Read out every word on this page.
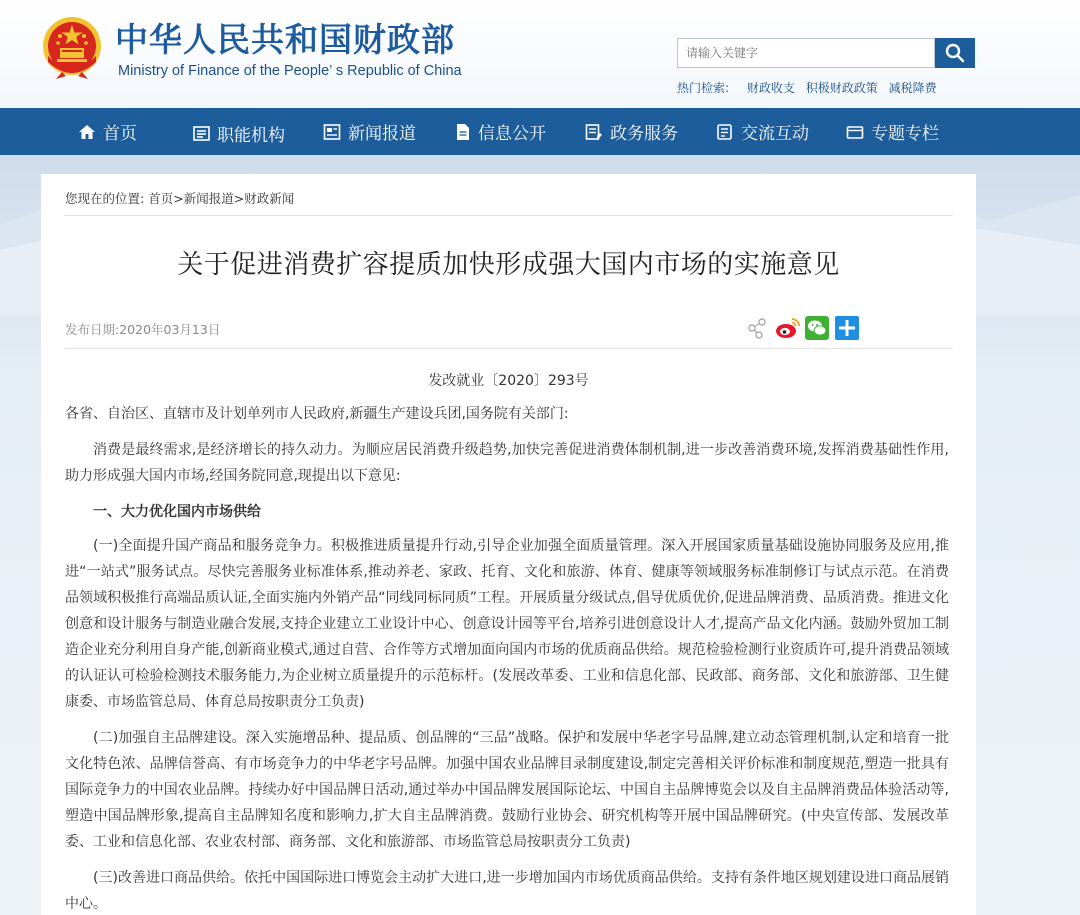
中华人民共和国财政部
Ministry of Finance of the People’ s Republic of China
请输入关键字
热门检索: 财政收支 积极财政政策 减税降费
首页	职能机构	新闻报道	信息公开	政务服务	交流互动	专题专栏
您现在的位置: 首页>新闻报道>财政新闻
关于促进消费扩容提质加快形成强大国内市场的实施意见
发布日期:2020年03月13日
发改就业〔2020〕293号

各省、自治区、直辖市及计划单列市人民政府,新疆生产建设兵团,国务院有关部门:

消费是最终需求,是经济增长的持久动力。为顺应居民消费升级趋势,加快完善促进消费体制机制,进一步改善消费环境,发挥消费基础性作用,助力形成强大国内市场,经国务院同意,现提出以下意见:

一、大力优化国内市场供给

(一)全面提升国产商品和服务竞争力。积极推进质量提升行动,引导企业加强全面质量管理。深入开展国家质量基础设施协同服务及应用,推进“一站式”服务试点。尽快完善服务业标准体系,推动养老、家政、托育、文化和旅游、体育、健康等领域服务标准制修订与试点示范。在消费品领域积极推行高端品质认证,全面实施内外销产品“同线同标同质”工程。开展质量分级试点,倡导优质优价,促进品牌消费、品质消费。推进文化创意和设计服务与制造业融合发展,支持企业建立工业设计中心、创意设计园等平台,培养引进创意设计人才,提高产品文化内涵。鼓励外贸加工制造企业充分利用自身产能,创新商业模式,通过自营、合作等方式增加面向国内市场的优质商品供给。规范检验检测行业资质许可,提升消费品领域的认证认可检验检测技术服务能力,为企业树立质量提升的示范标杆。(发展改革委、工业和信息化部、民政部、商务部、文化和旅游部、卫生健康委、市场监管总局、体育总局按职责分工负责)

(二)加强自主品牌建设。深入实施增品种、提品质、创品牌的“三品”战略。保护和发展中华老字号品牌,建立动态管理机制,认定和培育一批文化特色浓、品牌信誉高、有市场竞争力的中华老字号品牌。加强中国农业品牌目录制度建设,制定完善相关评价标准和制度规范,塑造一批具有国际竞争力的中国农业品牌。持续办好中国品牌日活动,通过举办中国品牌发展国际论坛、中国自主品牌博览会以及自主品牌消费品体验活动等,塑造中国品牌形象,提高自主品牌知名度和影响力,扩大自主品牌消费。鼓励行业协会、研究机构等开展中国品牌研究。(中央宣传部、发展改革委、工业和信息化部、农业农村部、商务部、文化和旅游部、市场监管总局按职责分工负责)

(三)改善进口商品供给。依托中国国际进口博览会主动扩大进口,进一步增加国内市场优质商品供给。支持有条件地区规划建设进口商品展销中心。
